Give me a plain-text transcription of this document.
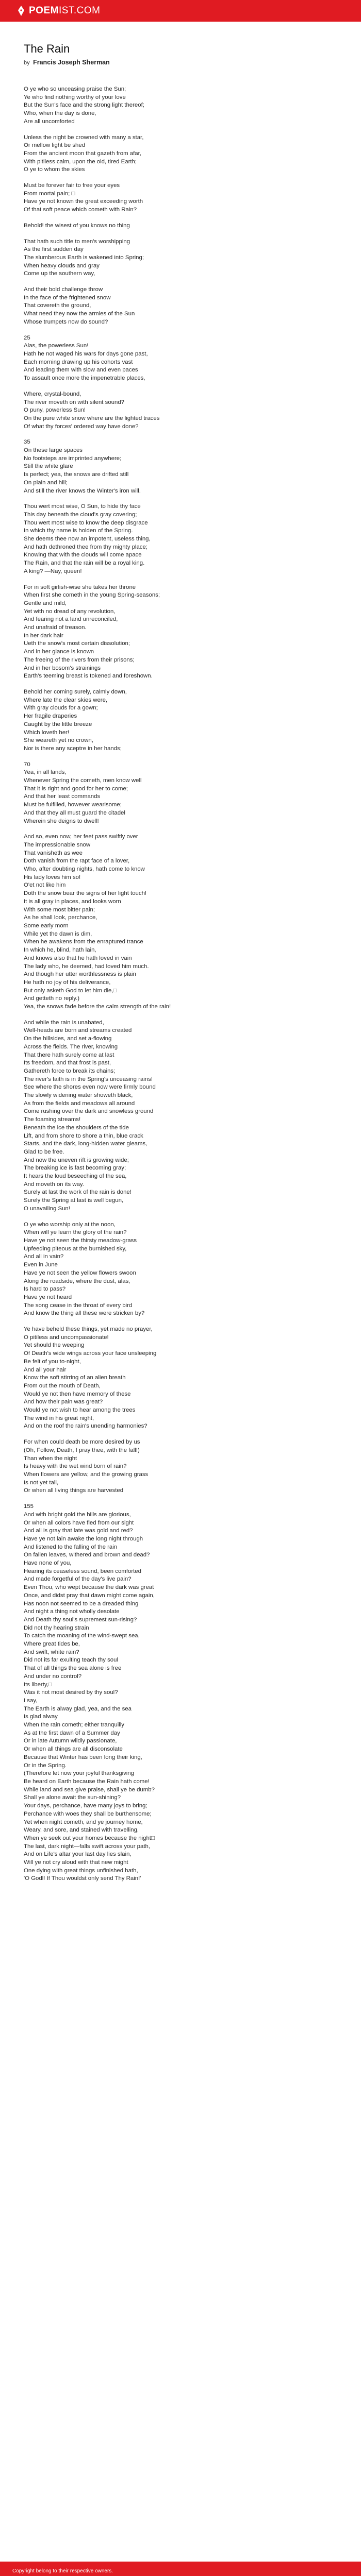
POEMIST.COM
The Rain

by Francis Joseph Sherman

O ye who so unceasing praise the Sun;
Ye who find nothing worthy of your love
But the Sun's face and the strong light thereof;
Who, when the day is done,
Are all uncomforted

Unless the night be crowned with many a star,
Or mellow light be shed
From the ancient moon that gazeth from afar,
With pitiless calm, upon the old, tired Earth;
O ye to whom the skies

Must be forever fair to free your eyes
From mortal pain; □
Have ye not known the great exceeding worth
Of that soft peace which cometh with Rain?

Behold! the wisest of you knows no thing

That hath such title to men's worshipping
As the first sudden day
The slumberous Earth is wakened into Spring;
When heavy clouds and gray
Come up the southern way,

And their bold challenge throw
In the face of the frightened snow
That covereth the ground,
What need they now the armies of the Sun
Whose trumpets now do sound?

25
Alas, the powerless Sun!
Hath he not waged his wars for days gone past,
Each morning drawing up his cohorts vast
And leading them with slow and even paces
To assault once more the impenetrable places,

Where, crystal-bound,
The river moveth on with silent sound?
O puny, powerless Sun!
On the pure white snow where are the lighted traces
Of what thy forces' ordered way have done?

35
On these large spaces
No footsteps are imprinted anywhere;
Still the white glare
Is perfect; yea, the snows are drifted still
On plain and hill;
And still the river knows the Winter's iron will.

Thou wert most wise, O Sun, to hide thy face
This day beneath the cloud's gray covering;
Thou wert most wise to know the deep disgrace
In which thy name is holden of the Spring.
She deems thee now an impotent, useless thing,
And hath dethroned thee from thy mighty place;
Knowing that with the clouds will come apace
The Rain, and that the rain will be a royal king.
A king? —Nay, queen!

For in soft girlish-wise she takes her throne
When first she cometh in the young Spring-seasons;
Gentle and mild,
Yet with no dread of any revolution,
And fearing not a land unreconciled,
And unafraid of treason.
In her dark hair
Ueth the snow's most certain dissolution;
And in her glance is known
The freeing of the rivers from their prisons;
And in her bosom's strainings
Earth's teeming breast is tokened and foreshown.

Behold her coming surely, calmly down,
Where late the clear skies were,
With gray clouds for a gown;
Her fragile draperies
Caught by the little breeze
Which loveth her!
She weareth yet no crown,
Nor is there any sceptre in her hands;

70
Yea, in all lands,
Whenever Spring the cometh, men know well
That it is right and good for her to come;
And that her least commands
Must be fulfilled, however wearisome;
And that they all must guard the citadel
Wherein she deigns to dwell!

And so, even now, her feet pass swiftly over
The impressionable snow
That vanisheth as wee
Doth vanish from the rapt face of a lover,
Who, after doubting nights, hath come to know
His lady loves him so!
O'et not like him
Doth the snow bear the signs of her light touch!
It is all gray in places, and looks worn
With some most bitter pain;
As he shall look, perchance,
Some early morn
While yet the dawn is dim,
When he awakens from the enraptured trance
In which he, blind, hath lain,
And knows also that he hath loved in vain
The lady who, he deemed, had loved him much.
And though her utter worthlessness is plain
He hath no joy of his deliverance,
But only asketh God to let him die,□
And getteth no reply.)
Yea, the snows fade before the calm strength of the rain!

And while the rain is unabated,
Well-heads are born and streams created
On the hillsides, and set a-flowing
Across the fields. The river, knowing
That there hath surely come at last
Its freedom, and that frost is past,
Gathereth force to break its chains;
The river's faith is in the Spring's unceasing rains!
See where the shores even now were firmly bound
The slowly widening water showeth black,
As from the fields and meadows all around
Come rushing over the dark and snowless ground
The foaming streams!
Beneath the ice the shoulders of the tide
Lift, and from shore to shore a thin, blue crack
Starts, and the dark, long-hidden water gleams,
Glad to be free.
And now the uneven rift is growing wide;
The breaking ice is fast becoming gray;
It hears the loud beseeching of the sea,
And moveth on its way.
Surely at last the work of the rain is done!
Surely the Spring at last is well begun,
O unavailing Sun!

O ye who worship only at the noon,
When will ye learn the glory of the rain?
Have ye not seen the thirsty meadow-grass
Upfeeding piteous at the burnished sky,
And all in vain?
Even in June
Have ye not seen the yellow flowers swoon
Along the roadside, where the dust, alas,
Is hard to pass?
Have ye not heard
The song cease in the throat of every bird
And know the thing all these were stricken by?

Ye have beheld these things, yet made no prayer,
O pitiless and uncompassionate!
Yet should the weeping
Of Death's wide wings across your face unsleeping
Be felt of you to-night,
And all your hair
Know the soft stirring of an alien breath
From out the mouth of Death,
Would ye not then have memory of these
And how their pain was great?
Would ye not wish to hear among the trees
The wind in his great night,
And on the roof the rain's unending harmonies?

For when could death be more desired by us
(Oh, Follow, Death, I pray thee, with the fall!)
Than when the night
Is heavy with the wet wind born of rain?
When flowers are yellow, and the growing grass
Is not yet tall,
Or when all living things are harvested

155
And with bright gold the hills are glorious,
Or when all colors have fled from our sight
And all is gray that late was gold and red?
Have ye not lain awake the long night through
And listened to the falling of the rain
On fallen leaves, withered and brown and dead?
Have none of you,
Hearing its ceaseless sound, been comforted
And made forgetful of the day's live pain?
Even Thou, who wept because the dark was great
Once, and didst pray that dawn might come again,
Has noon not seemed to be a dreaded thing
And night a thing not wholly desolate
And Death thy soul's supremest sun-rising?
Did not thy hearing strain
To catch the moaning of the wind-swept sea,
Where great tides be,
And swift, white rain?
Did not its far exulting teach thy soul
That of all things the sea alone is free
And under no control?
Its liberty,□
Was it not most desired by thy soul?
I say,
The Earth is alway glad, yea, and the sea
Is glad alway
When the rain cometh; either tranquilly
As at the first dawn of a Summer day
Or in late Autumn wildly passionate,
Or when all things are all disconsolate
Because that Winter has been long their king,
Or in the Spring.
(Therefore let now your joyful thanksgiving
Be heard on Earth because the Rain hath come!
While land and sea give praise, shall ye be dumb?
Shall ye alone await the sun-shining?
Your days, perchance, have many joys to bring;
Perchance with woes they shall be burthensome;
Yet when night cometh, and ye journey home,
Weary, and sore, and stained with travelling,
When ye seek out your homes because the night□
The last, dark night—falls swift across your path,
And on Life's altar your last day lies slain,
Will ye not cry aloud with that new might
One dying with great things unfinished hath,
'O Godl! If Thou wouldst only send Thy Rain!'

Copyright belong to their respective owners.
